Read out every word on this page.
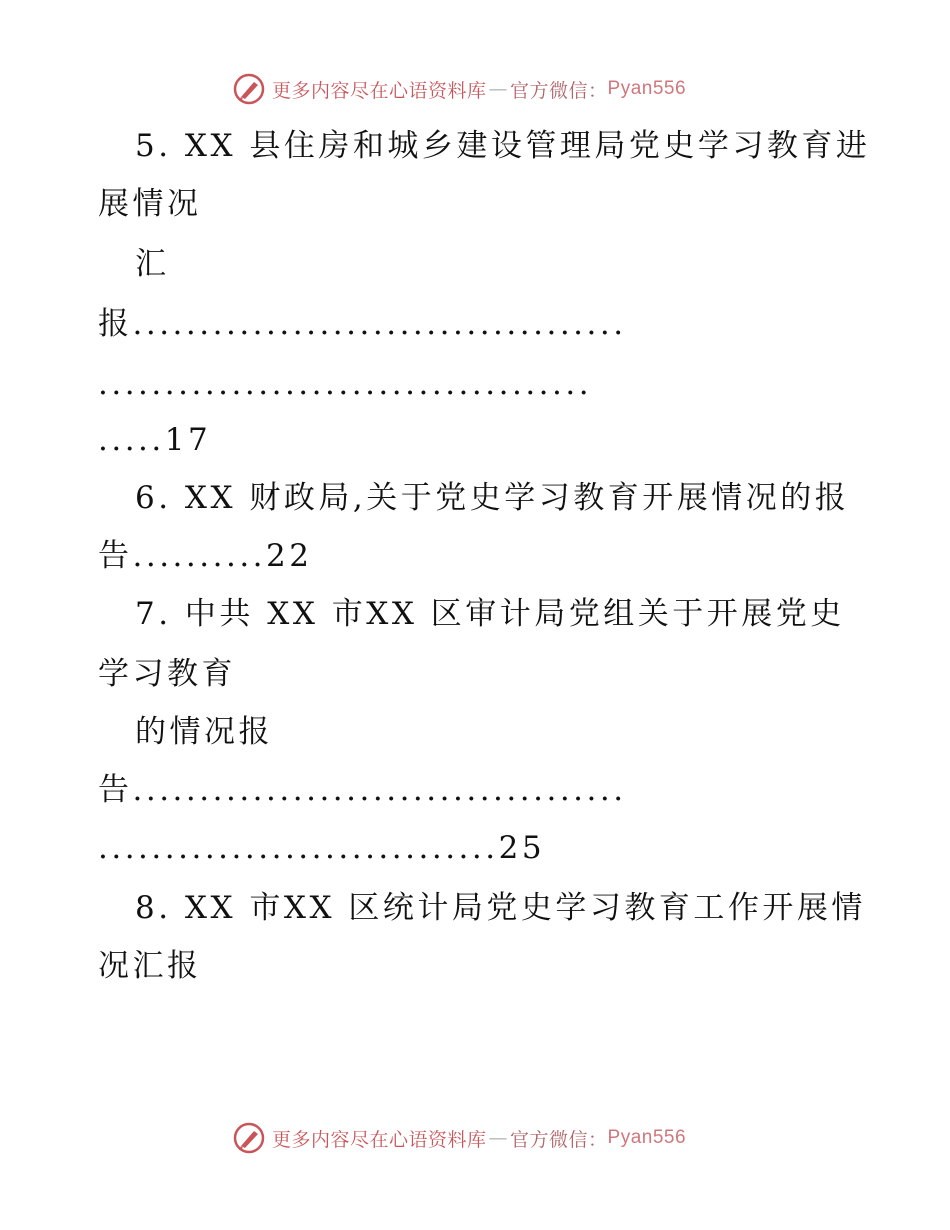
更多内容尽在心语资料库 — 官方微信： Pyan556
5. XX 县住房和城乡建设管理局党史学习教育进
展情况
汇
报.....................................
.....................................
.....17
6. XX 财政局,关于党史学习教育开展情况的报
告..........22
7. 中共 XX 市XX 区审计局党组关于开展党史
学习教育
的情况报
告.....................................
..............................25
8. XX 市XX 区统计局党史学习教育工作开展情
况汇报
更多内容尽在心语资料库 — 官方微信： Pyan556
